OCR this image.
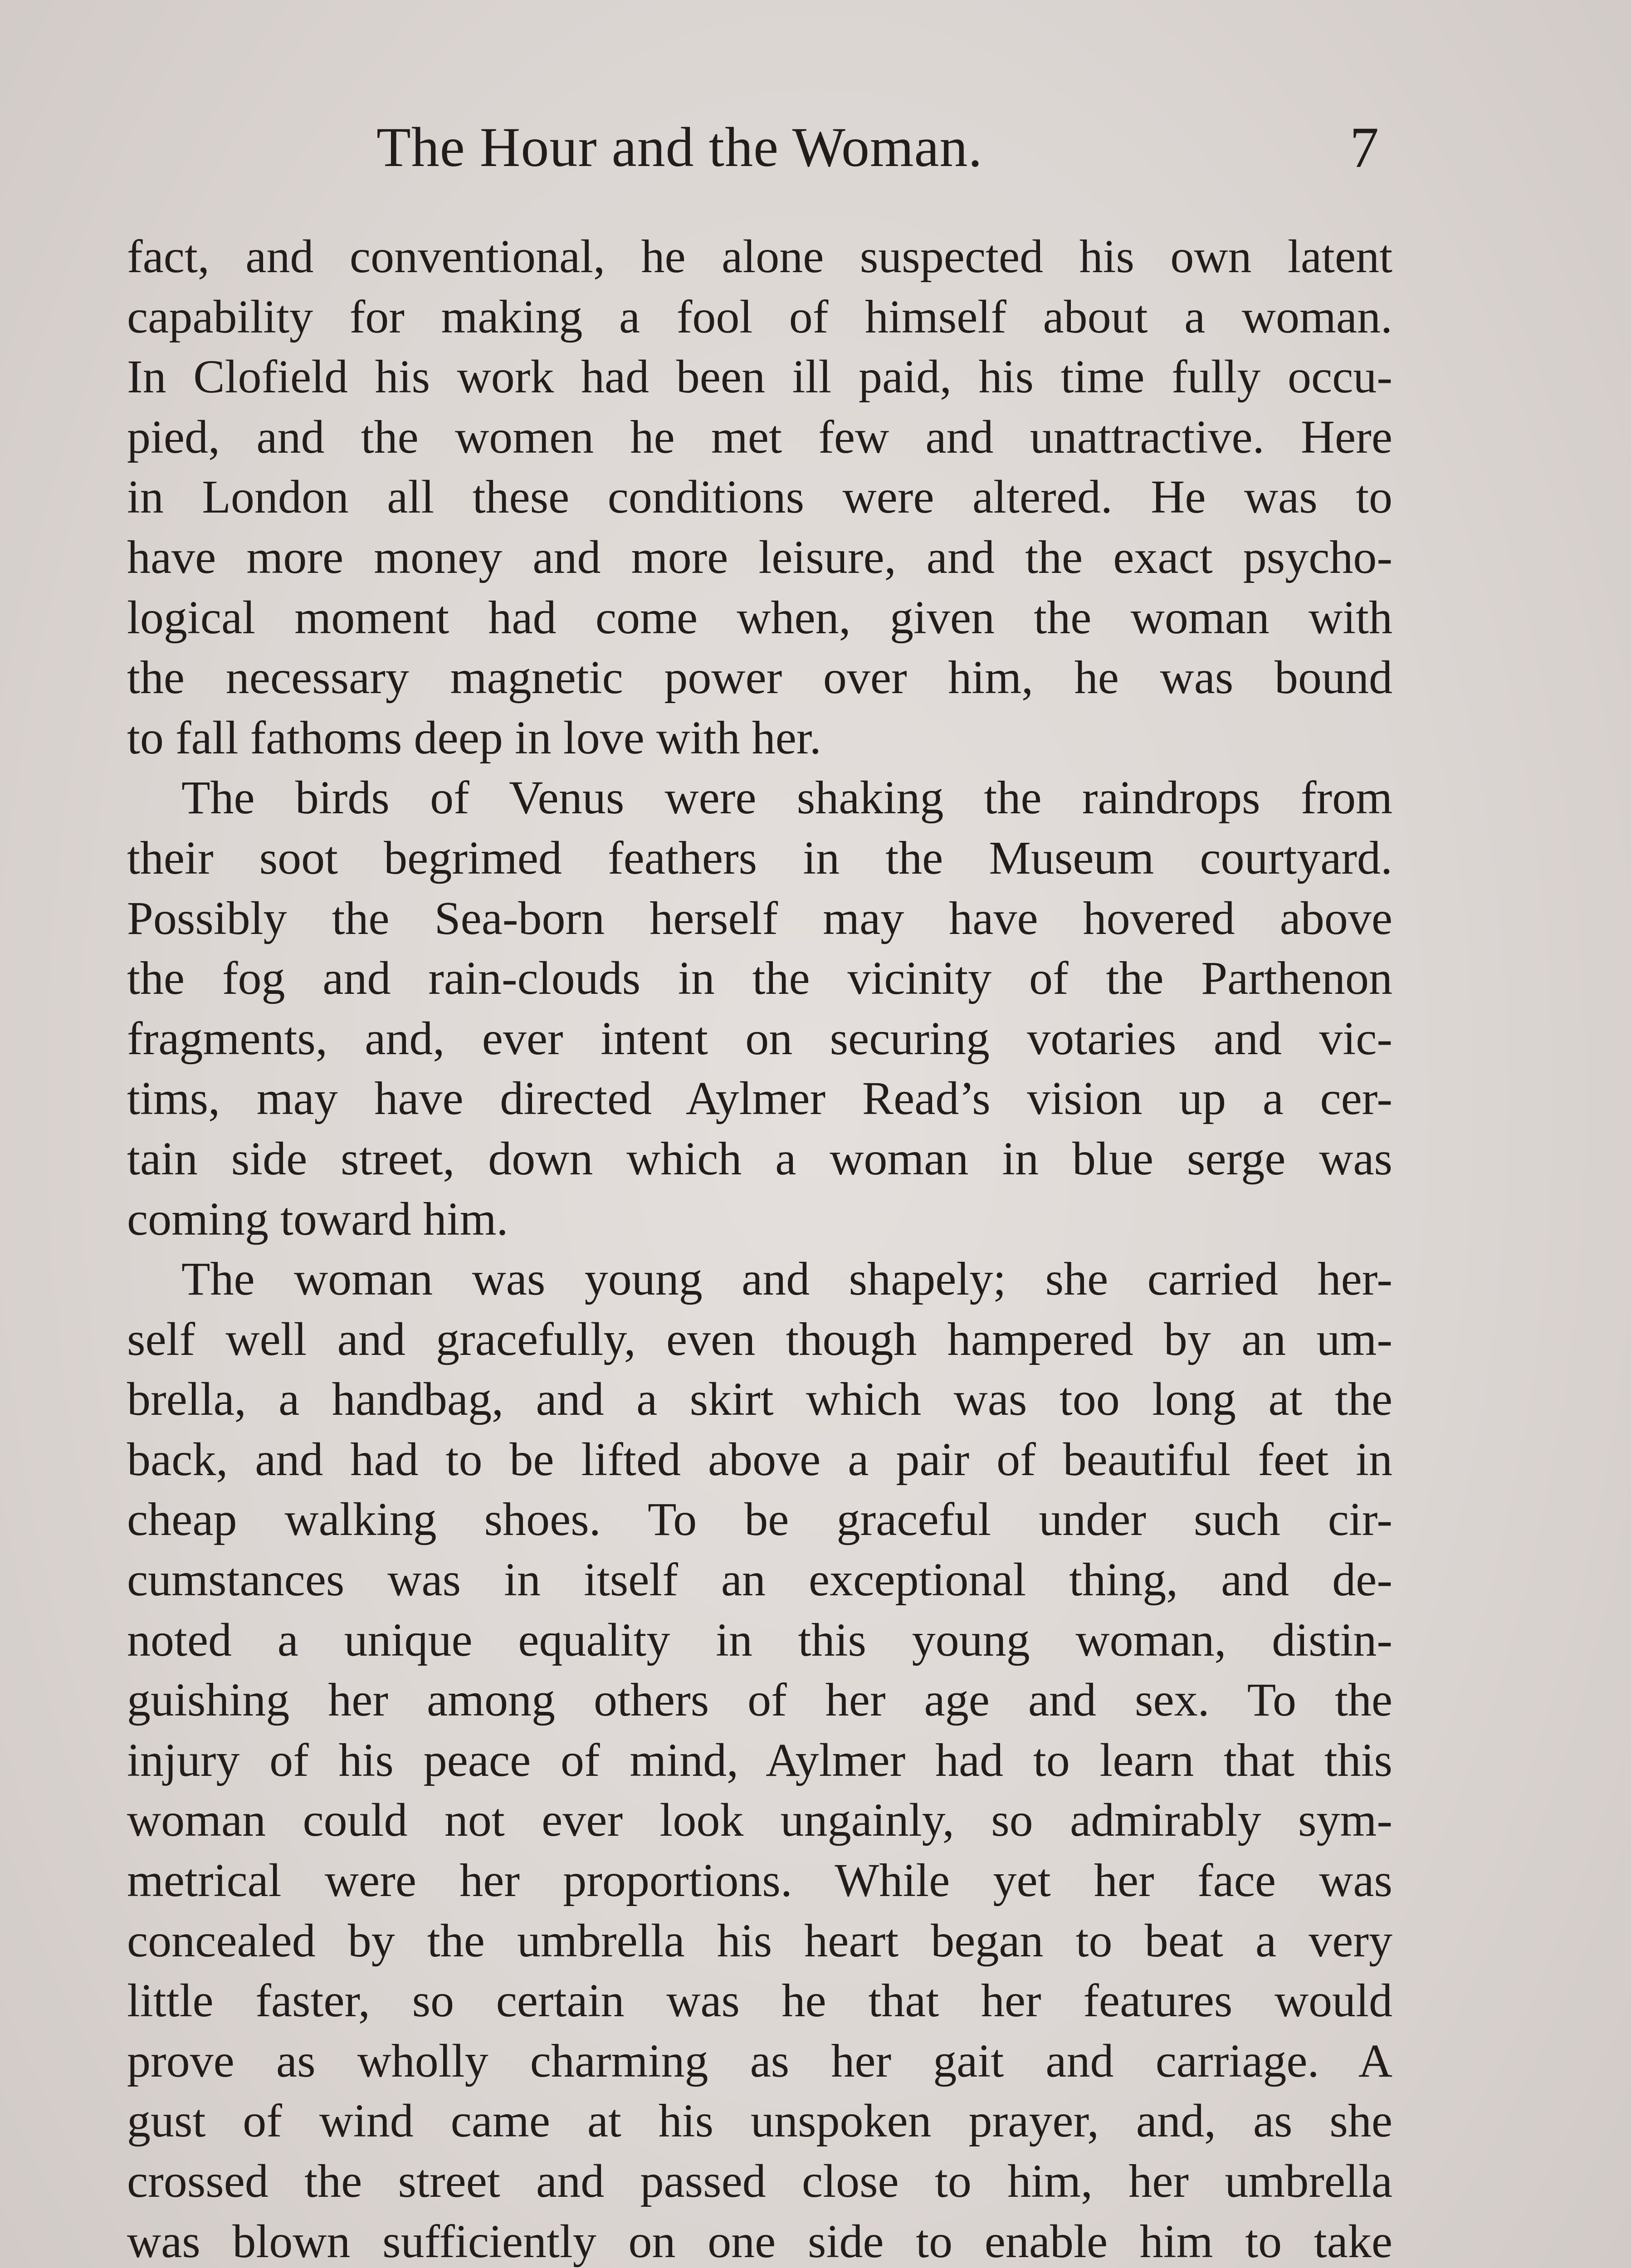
The Hour and the Woman.	7
fact, and conventional, he alone suspected his own latent
capability for making a fool of himself about a woman.
In Clofield his work had been ill paid, his time fully occu-
pied, and the women he met few and unattractive. Here
in London all these conditions were altered. He was to
have more money and more leisure, and the exact psycho-
logical moment had come when, given the woman with
the necessary magnetic power over him, he was bound
to fall fathoms deep in love with her.
The birds of Venus were shaking the raindrops from
their soot begrimed feathers in the Museum courtyard.
Possibly the Sea-born herself may have hovered above
the fog and rain-clouds in the vicinity of the Parthenon
fragments, and, ever intent on securing votaries and vic-
tims, may have directed Aylmer Read’s vision up a cer-
tain side street, down which a woman in blue serge was
coming toward him.
The woman was young and shapely; she carried her-
self well and gracefully, even though hampered by an um-
brella, a handbag, and a skirt which was too long at the
back, and had to be lifted above a pair of beautiful feet in
cheap walking shoes. To be graceful under such cir-
cumstances was in itself an exceptional thing, and de-
noted a unique equality in this young woman, distin-
guishing her among others of her age and sex. To the
injury of his peace of mind, Aylmer had to learn that this
woman could not ever look ungainly, so admirably sym-
metrical were her proportions. While yet her face was
concealed by the umbrella his heart began to beat a very
little faster, so certain was he that her features would
prove as wholly charming as her gait and carriage. A
gust of wind came at his unspoken prayer, and, as she
crossed the street and passed close to him, her umbrella
was blown sufficiently on one side to enable him to take
